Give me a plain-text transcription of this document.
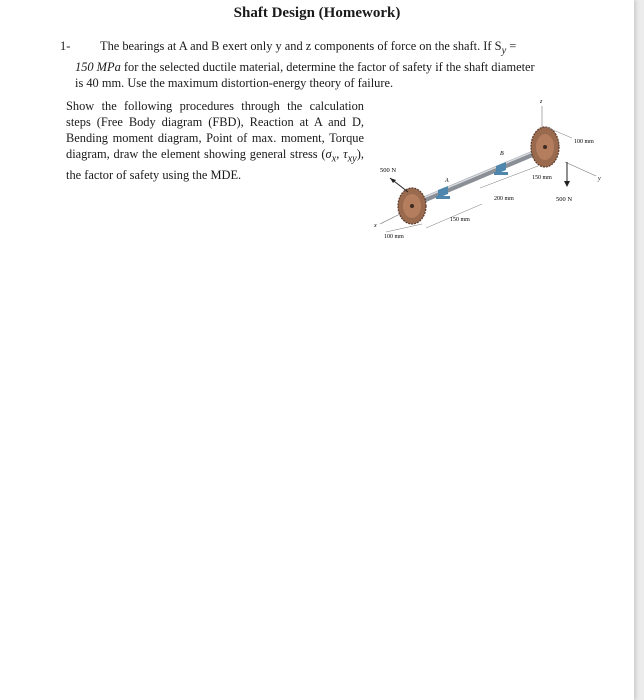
Shaft Design (Homework)
1- The bearings at A and B exert only y and z components of force on the shaft. If $S_y$ =
150 MPa for the selected ductile material, determine the factor of safety if the shaft diameter
is 40 mm. Use the maximum distortion-energy theory of failure.
Show the following procedures through the calculation steps (Free Body diagram (FBD), Reaction at A and D, Bending moment diagram, Point of max. moment, Torque diagram, draw the element showing general stress ($\sigma_x$, $\tau_{xy}$), the factor of safety using the MDE.
z
y
x
A
B
500 N
500 N
100 mm
150 mm
200 mm
150 mm
100 mm
